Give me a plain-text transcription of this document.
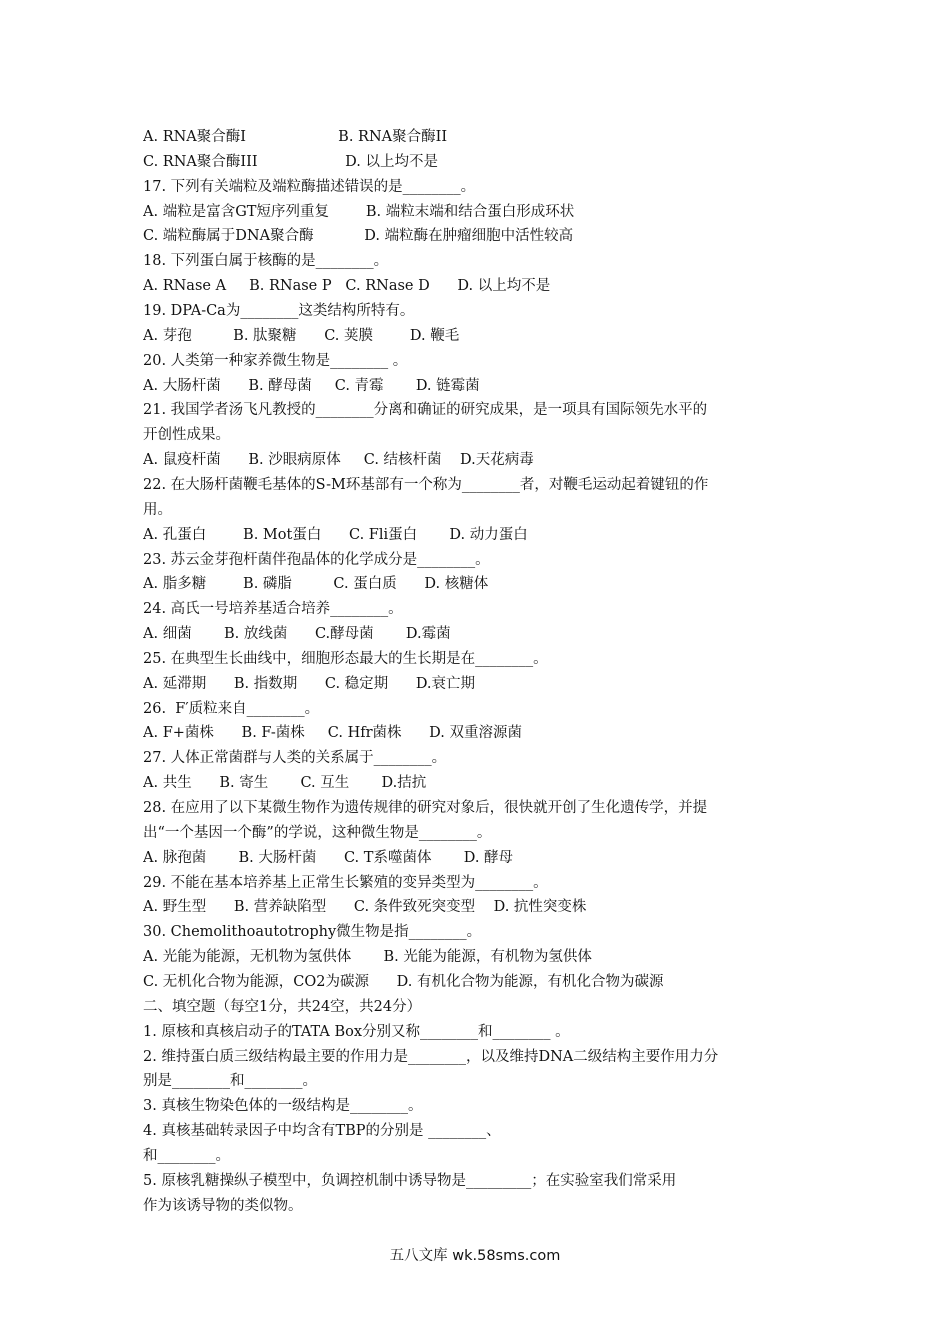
A. RNA聚合酶I                    B. RNA聚合酶II
C. RNA聚合酶III                   D. 以上均不是
17. 下列有关端粒及端粒酶描述错误的是________。
A. 端粒是富含GT短序列重复        B. 端粒末端和结合蛋白形成环状
C. 端粒酶属于DNA聚合酶           D. 端粒酶在肿瘤细胞中活性较高
18. 下列蛋白属于核酶的是________。
A. RNase A     B. RNase P   C. RNase D      D. 以上均不是
19. DPA-Ca为________这类结构所特有。
A. 芽孢         B. 肽聚糖      C. 荚膜        D. 鞭毛
20. 人类第一种家养微生物是________ 。
A. 大肠杆菌      B. 酵母菌     C. 青霉       D. 链霉菌
21. 我国学者汤飞凡教授的________分离和确证的研究成果，是一项具有国际领先水平的
开创性成果。
A. 鼠疫杆菌      B. 沙眼病原体     C. 结核杆菌    D.天花病毒
22. 在大肠杆菌鞭毛基体的S-M环基部有一个称为________者，对鞭毛运动起着键钮的作
用。
A. 孔蛋白        B. Mot蛋白      C. Fli蛋白       D. 动力蛋白
23. 苏云金芽孢杆菌伴孢晶体的化学成分是________。
A. 脂多糖        B. 磷脂         C. 蛋白质      D. 核糖体
24. 高氏一号培养基适合培养________。
A. 细菌       B. 放线菌      C.酵母菌       D.霉菌
25. 在典型生长曲线中，细胞形态最大的生长期是在________。
A. 延滞期      B. 指数期      C. 稳定期      D.衰亡期
26.  F′质粒来自________。
A. F+菌株      B. F-菌株     C. Hfr菌株      D. 双重溶源菌
27. 人体正常菌群与人类的关系属于________。
A. 共生      B. 寄生       C. 互生       D.拮抗
28. 在应用了以下某微生物作为遗传规律的研究对象后，很快就开创了生化遗传学，并提
出“一个基因一个酶”的学说，这种微生物是________。
A. 脉孢菌       B. 大肠杆菌      C. T系噬菌体       D. 酵母
29. 不能在基本培养基上正常生长繁殖的变异类型为________。
A. 野生型      B. 营养缺陷型      C. 条件致死突变型    D. 抗性突变株
30. Chemolithoautotrophy微生物是指________。
A. 光能为能源，无机物为氢供体       B. 光能为能源，有机物为氢供体
C. 无机化合物为能源，CO2为碳源      D. 有机化合物为能源，有机化合物为碳源
二、填空题（每空1分，共24空，共24分）
1. 原核和真核启动子的TATA Box分别又称________和________ 。
2. 维持蛋白质三级结构最主要的作用力是________，以及维持DNA二级结构主要作用力分
别是________和________。
3. 真核生物染色体的一级结构是________。
4. 真核基础转录因子中均含有TBP的分别是 ________、
和________。
5. 原核乳糖操纵子模型中，负调控机制中诱导物是_________；在实验室我们常采用
作为该诱导物的类似物。
五八文库 wk.58sms.com
